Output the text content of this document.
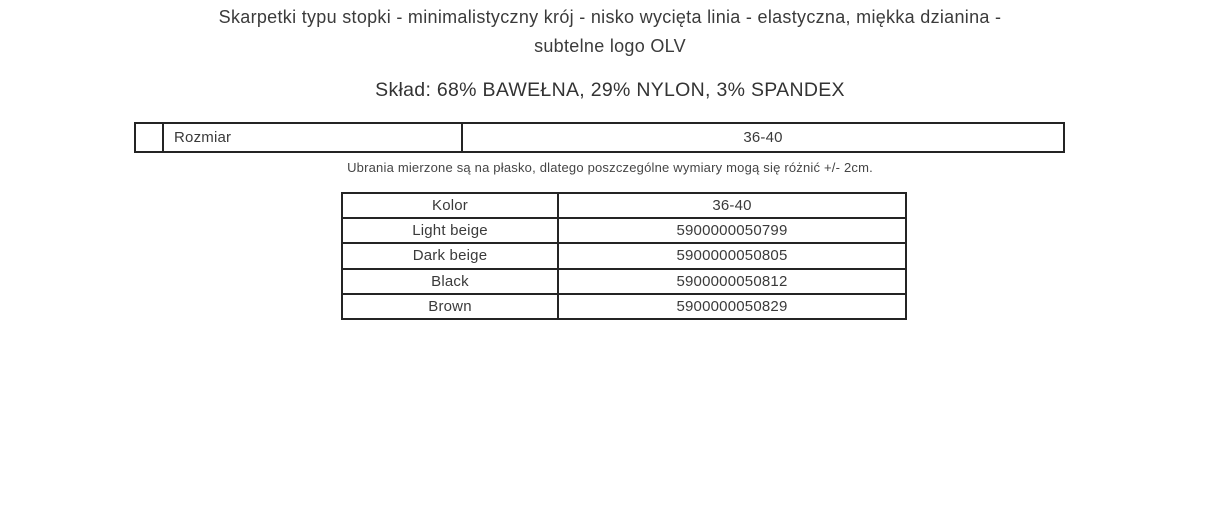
Skarpetki typu stopki - minimalistyczny krój - nisko wycięta linia - elastyczna, miękka dzianina -
subtelne logo OLV
Skład: 68% BAWEŁNA, 29% NYLON, 3% SPANDEX
	Rozmiar	36-40
Ubrania mierzone są na płasko, dlatego poszczególne wymiary mogą się różnić +/- 2cm.
Kolor	36-40
Light beige	5900000050799
Dark beige	5900000050805
Black	5900000050812
Brown	5900000050829
